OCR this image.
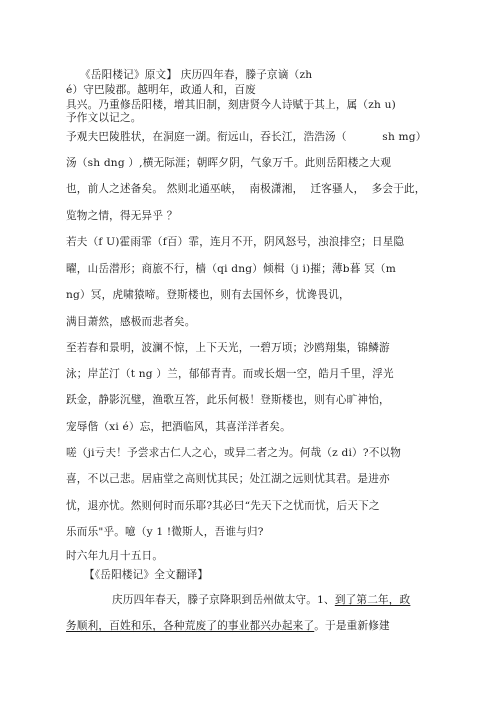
《岳阳楼记》原文】 庆历四年春，滕子京谪（zh
é）守巴陵郡。越明年，政通人和，百废
具兴。乃重修岳阳楼，增其旧制，刻唐贤今人诗赋于其上，属（zh u)
予作文以记之。
予观夫巴陵胜状，在洞庭一湖。衔远山，吞长江，浩浩汤（          sh mg）
汤（sh dng ）,横无际涯；朝晖夕阴，气象万千。此则岳阳楼之大观
也，前人之述备矣。 然则北通巫峡，  南极潇湘，  迁客骚人，  多会于此，
览物之情，得无异乎 ？
若夫（f U)霍雨霏（f百）霏，连月不开，阴风怒号，浊浪排空；日星隐
曜，山岳潜形；商旅不行，樯（qi dng）倾楫（j i)摧；薄b暮 冥（m
ng）冥，虎啸猿啼。登斯楼也，则有去国怀乡，忧谗畏讥，
满目萧然，感极而悲者矣。
至若春和景明，波澜不惊，上下天光，一碧万顷；沙鸥翔集，锦鳞游
泳；岸芷汀（t ng ）兰，郁郁青青。而或长烟一空，皓月千里，浮光
跃金，静影沉璧，渔歌互答，此乐何极！登斯楼也，则有心旷神怡，
宠辱偕（xi é）忘，把酒临风，其喜洋洋者矣。
嗟（ji亏夫！予尝求古仁人之心，或异二者之为。何哉（z di）?不以物
喜，不以己悲。居庙堂之高则忧其民；处江湖之远则忧其君。是进亦
忧，退亦忧。然则何时而乐耶?其必曰“先天下之忧而忧，后天下之
乐而乐"乎。噫（y 1 !微斯人，吾谁与归?
时六年九月十五日。
【《岳阳楼记》全文翻译】
庆历四年春天，滕子京降职到岳州做太守。1、到了第二年，政
务顺利，百姓和乐，各种荒废了的事业都兴办起来了。于是重新修建
